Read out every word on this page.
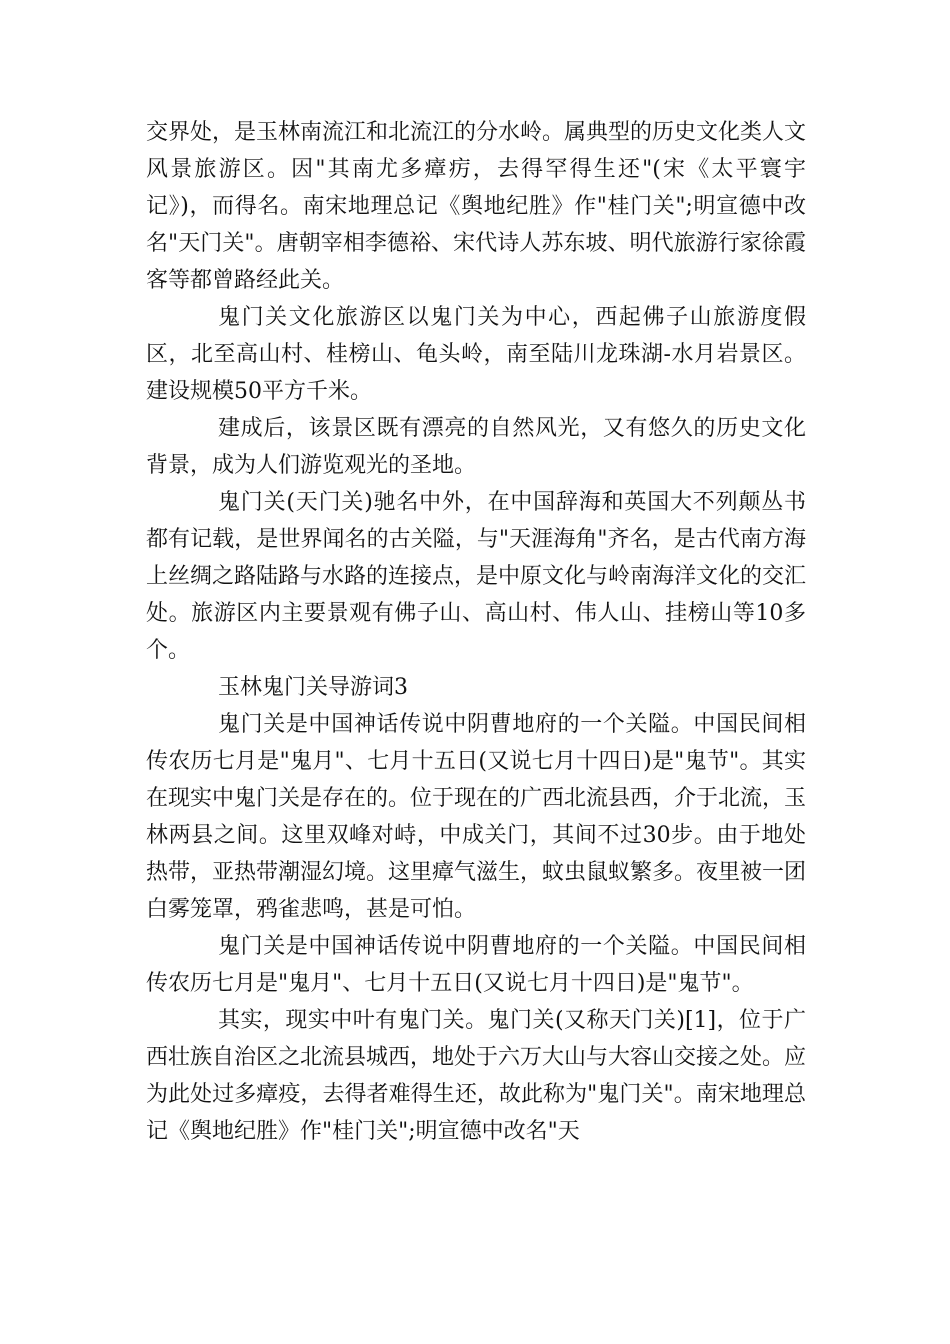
交界处，是玉林南流江和北流江的分水岭。属典型的历史文化类人文风景旅游区。因"其南尤多瘴疠，去得罕得生还"(宋《太平寰宇记》)，而得名。南宋地理总记《舆地纪胜》作"桂门关";明宣德中改名"天门关"。唐朝宰相李德裕、宋代诗人苏东坡、明代旅游行家徐霞客等都曾路经此关。

鬼门关文化旅游区以鬼门关为中心，西起佛子山旅游度假区，北至高山村、桂榜山、龟头岭，南至陆川龙珠湖-水月岩景区。建设规模50平方千米。

建成后，该景区既有漂亮的自然风光，又有悠久的历史文化背景，成为人们游览观光的圣地。

鬼门关(天门关)驰名中外，在中国辞海和英国大不列颠丛书都有记载，是世界闻名的古关隘，与"天涯海角"齐名，是古代南方海上丝绸之路陆路与水路的连接点，是中原文化与岭南海洋文化的交汇处。旅游区内主要景观有佛子山、高山村、伟人山、挂榜山等10多个。

玉林鬼门关导游词3

鬼门关是中国神话传说中阴曹地府的一个关隘。中国民间相传农历七月是"鬼月"、七月十五日(又说七月十四日)是"鬼节"。其实在现实中鬼门关是存在的。位于现在的广西北流县西，介于北流，玉林两县之间。这里双峰对峙，中成关门，其间不过30步。由于地处热带，亚热带潮湿幻境。这里瘴气滋生，蚊虫鼠蚁繁多。夜里被一团白雾笼罩，鸦雀悲鸣，甚是可怕。

鬼门关是中国神话传说中阴曹地府的一个关隘。中国民间相传农历七月是"鬼月"、七月十五日(又说七月十四日)是"鬼节"。

其实，现实中叶有鬼门关。鬼门关(又称天门关)[1]，位于广西壮族自治区之北流县城西，地处于六万大山与大容山交接之处。应为此处过多瘴疫，去得者难得生还，故此称为"鬼门关"。南宋地理总记《舆地纪胜》作"桂门关";明宣德中改名"天
